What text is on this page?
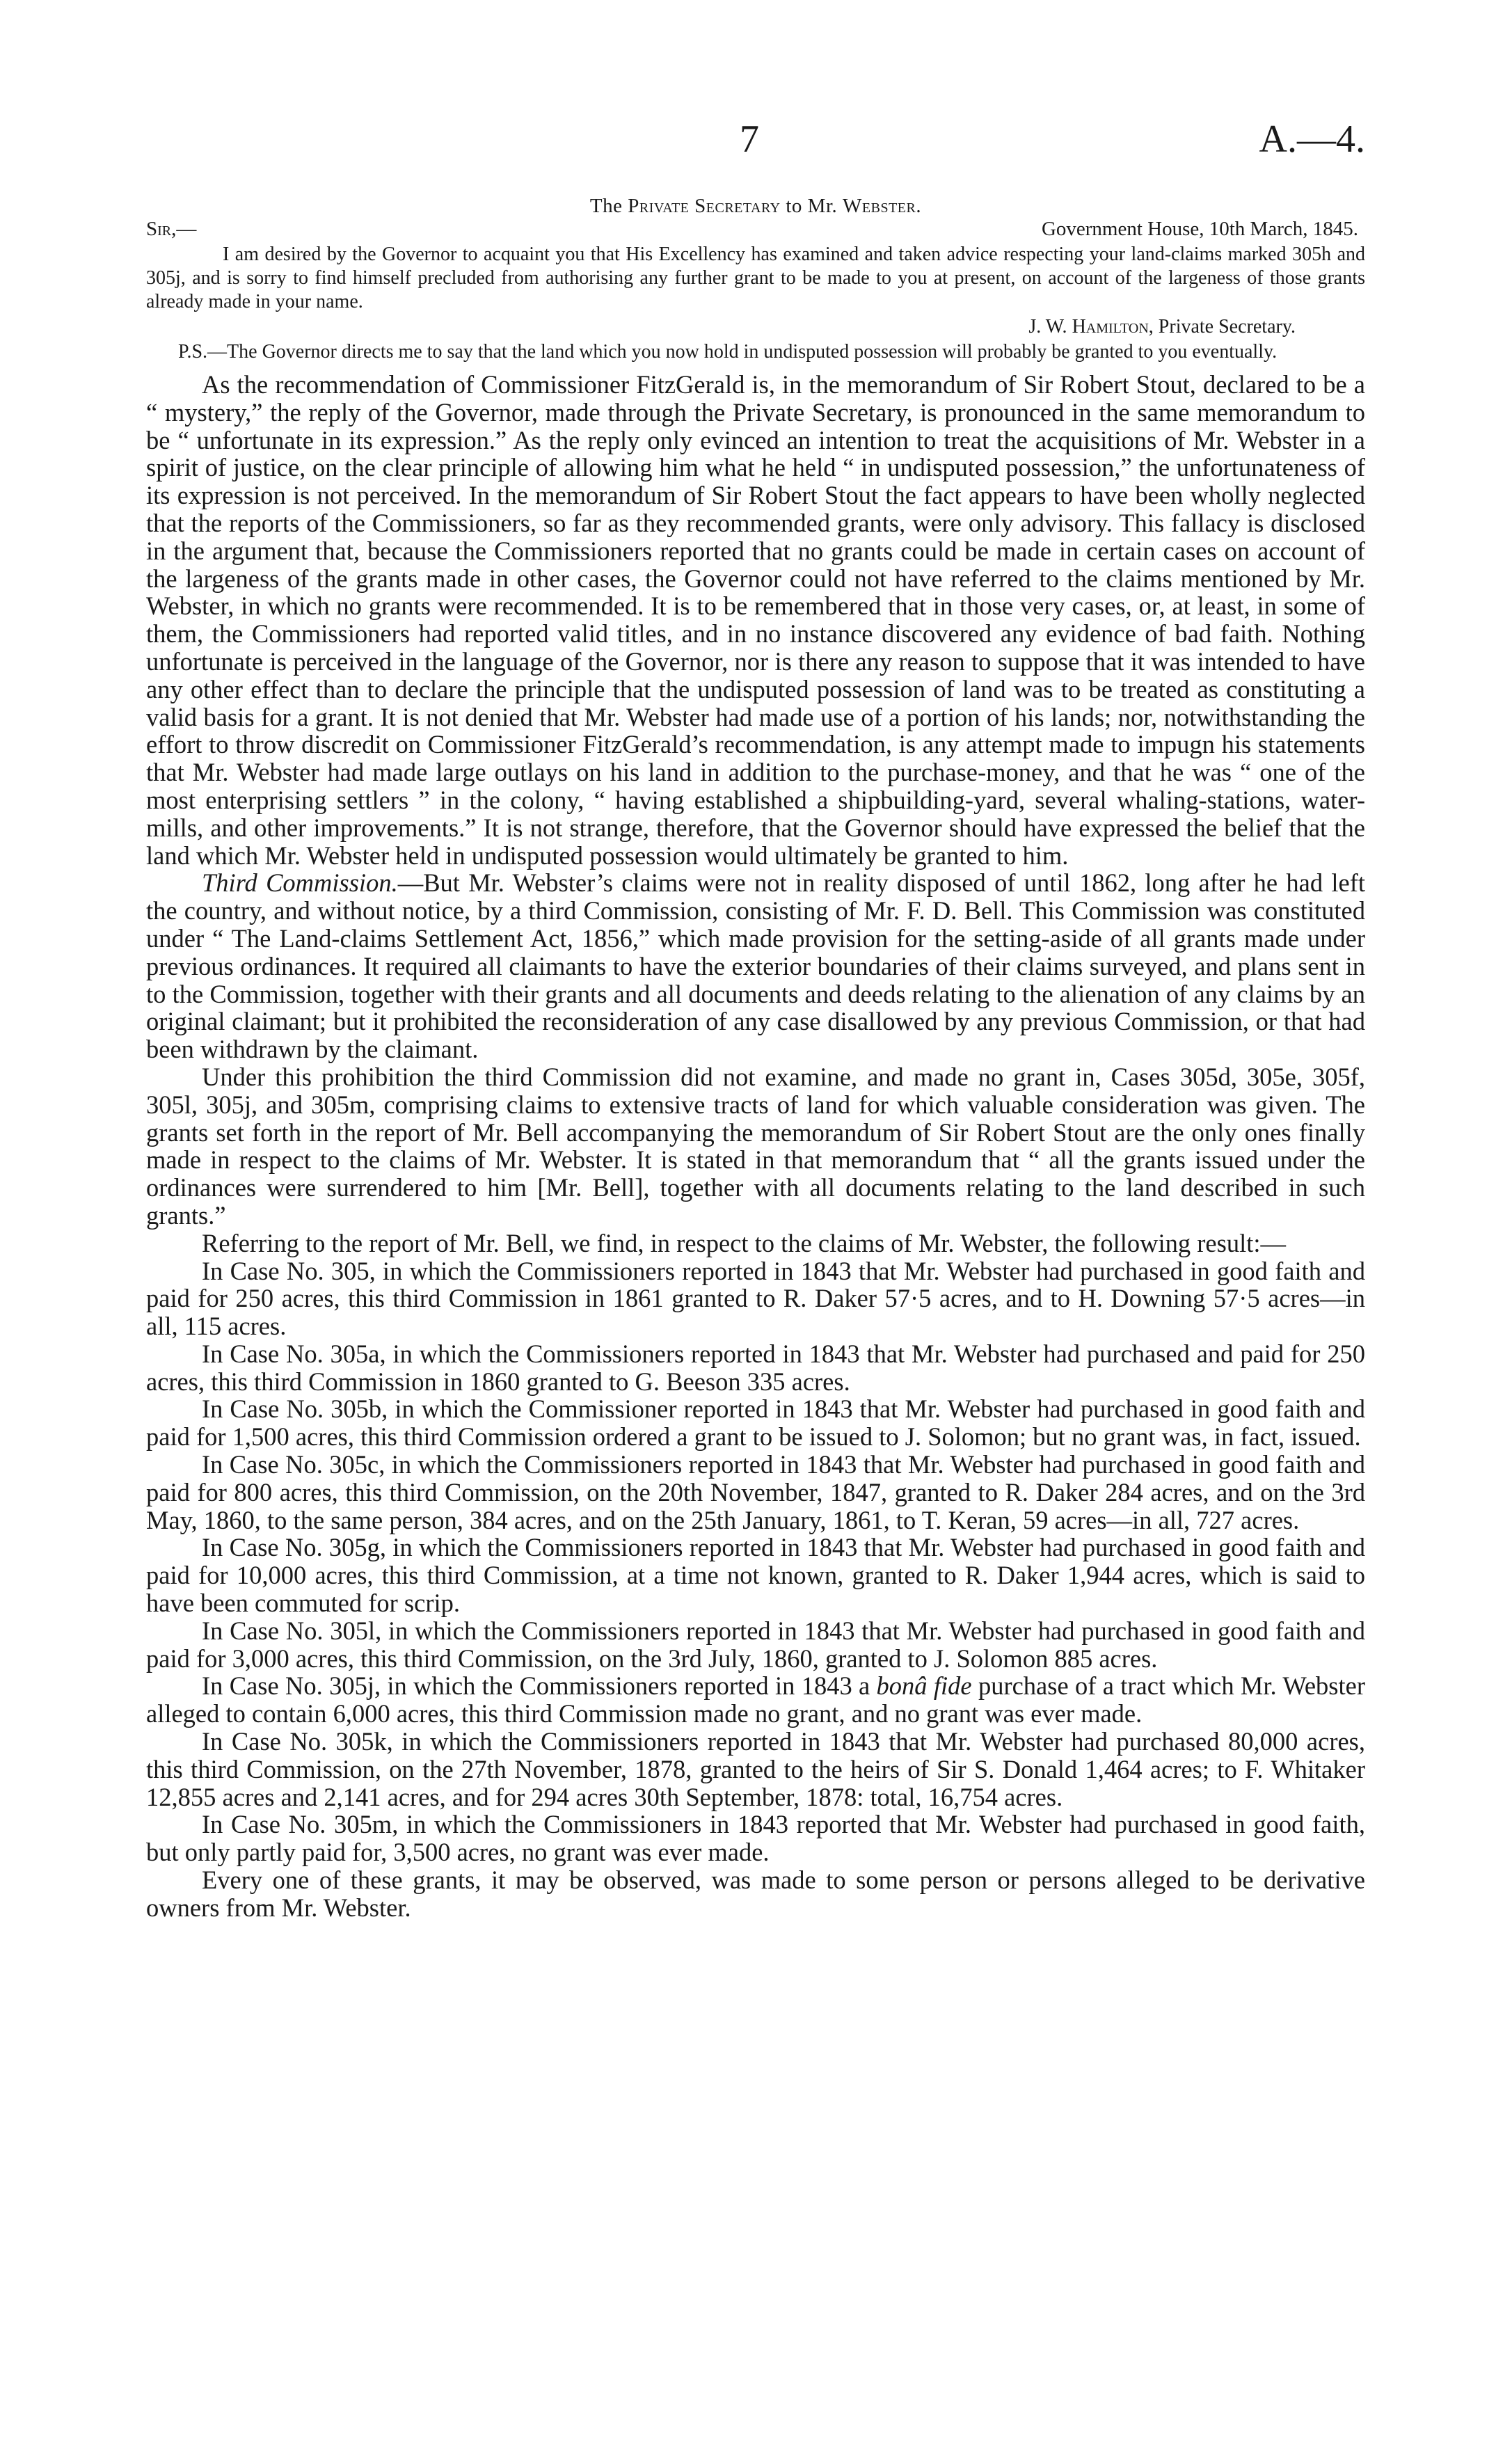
7	A.—4.
The Private Secretary to Mr. Webster.
Sir,—	Government House, 10th March, 1845.

I am desired by the Governor to acquaint you that His Excellency has examined and taken advice respecting your land-claims marked 305h and 305j, and is sorry to find himself precluded from authorising any further grant to be made to you at present, on account of the largeness of those grants already made in your name.

J. W. Hamilton, Private Secretary.

P.S.—The Governor directs me to say that the land which you now hold in undisputed possession will probably be granted to you eventually.

As the recommendation of Commissioner FitzGerald is, in the memorandum of Sir Robert Stout, declared to be a “ mystery,” the reply of the Governor, made through the Private Secretary, is pronounced in the same memorandum to be “ unfortunate in its expression.” As the reply only evinced an intention to treat the acquisitions of Mr. Webster in a spirit of justice, on the clear principle of allowing him what he held “ in undisputed possession,” the unfortunateness of its expression is not perceived. In the memorandum of Sir Robert Stout the fact appears to have been wholly neglected that the reports of the Commissioners, so far as they recommended grants, were only advisory. This fallacy is disclosed in the argument that, because the Commissioners reported that no grants could be made in certain cases on account of the largeness of the grants made in other cases, the Governor could not have referred to the claims mentioned by Mr. Webster, in which no grants were recommended. It is to be remembered that in those very cases, or, at least, in some of them, the Commissioners had reported valid titles, and in no instance discovered any evidence of bad faith. Nothing unfortunate is perceived in the language of the Governor, nor is there any reason to suppose that it was intended to have any other effect than to declare the principle that the undisputed possession of land was to be treated as constituting a valid basis for a grant. It is not denied that Mr. Webster had made use of a portion of his lands; nor, notwithstanding the effort to throw discredit on Commissioner FitzGerald’s recommendation, is any attempt made to impugn his statements that Mr. Webster had made large outlays on his land in addition to the purchase-money, and that he was “ one of the most enterprising settlers ” in the colony, “ having established a shipbuilding-yard, several whaling-stations, water-mills, and other improvements.” It is not strange, therefore, that the Governor should have expressed the belief that the land which Mr. Webster held in undisputed possession would ultimately be granted to him.

Third Commission.—But Mr. Webster’s claims were not in reality disposed of until 1862, long after he had left the country, and without notice, by a third Commission, consisting of Mr. F. D. Bell. This Commission was constituted under “ The Land-claims Settlement Act, 1856,” which made provision for the setting-aside of all grants made under previous ordinances. It required all claimants to have the exterior boundaries of their claims surveyed, and plans sent in to the Commission, together with their grants and all documents and deeds relating to the alienation of any claims by an original claimant; but it prohibited the reconsideration of any case disallowed by any previous Commission, or that had been withdrawn by the claimant.

Under this prohibition the third Commission did not examine, and made no grant in, Cases 305d, 305e, 305f, 305l, 305j, and 305m, comprising claims to extensive tracts of land for which valuable consideration was given. The grants set forth in the report of Mr. Bell accompanying the memorandum of Sir Robert Stout are the only ones finally made in respect to the claims of Mr. Webster. It is stated in that memorandum that “ all the grants issued under the ordinances were surrendered to him [Mr. Bell], together with all documents relating to the land described in such grants.”

Referring to the report of Mr. Bell, we find, in respect to the claims of Mr. Webster, the following result:—

In Case No. 305, in which the Commissioners reported in 1843 that Mr. Webster had purchased in good faith and paid for 250 acres, this third Commission in 1861 granted to R. Daker 57·5 acres, and to H. Downing 57·5 acres—in all, 115 acres.

In Case No. 305a, in which the Commissioners reported in 1843 that Mr. Webster had purchased and paid for 250 acres, this third Commission in 1860 granted to G. Beeson 335 acres.

In Case No. 305b, in which the Commissioner reported in 1843 that Mr. Webster had purchased in good faith and paid for 1,500 acres, this third Commission ordered a grant to be issued to J. Solomon; but no grant was, in fact, issued.

In Case No. 305c, in which the Commissioners reported in 1843 that Mr. Webster had purchased in good faith and paid for 800 acres, this third Commission, on the 20th November, 1847, granted to R. Daker 284 acres, and on the 3rd May, 1860, to the same person, 384 acres, and on the 25th January, 1861, to T. Keran, 59 acres—in all, 727 acres.

In Case No. 305g, in which the Commissioners reported in 1843 that Mr. Webster had purchased in good faith and paid for 10,000 acres, this third Commission, at a time not known, granted to R. Daker 1,944 acres, which is said to have been commuted for scrip.

In Case No. 305l, in which the Commissioners reported in 1843 that Mr. Webster had purchased in good faith and paid for 3,000 acres, this third Commission, on the 3rd July, 1860, granted to J. Solomon 885 acres.

In Case No. 305j, in which the Commissioners reported in 1843 a bonâ fide purchase of a tract which Mr. Webster alleged to contain 6,000 acres, this third Commission made no grant, and no grant was ever made.

In Case No. 305k, in which the Commissioners reported in 1843 that Mr. Webster had purchased 80,000 acres, this third Commission, on the 27th November, 1878, granted to the heirs of Sir S. Donald 1,464 acres; to F. Whitaker 12,855 acres and 2,141 acres, and for 294 acres 30th September, 1878: total, 16,754 acres.

In Case No. 305m, in which the Commissioners in 1843 reported that Mr. Webster had purchased in good faith, but only partly paid for, 3,500 acres, no grant was ever made.

Every one of these grants, it may be observed, was made to some person or persons alleged to be derivative owners from Mr. Webster.
